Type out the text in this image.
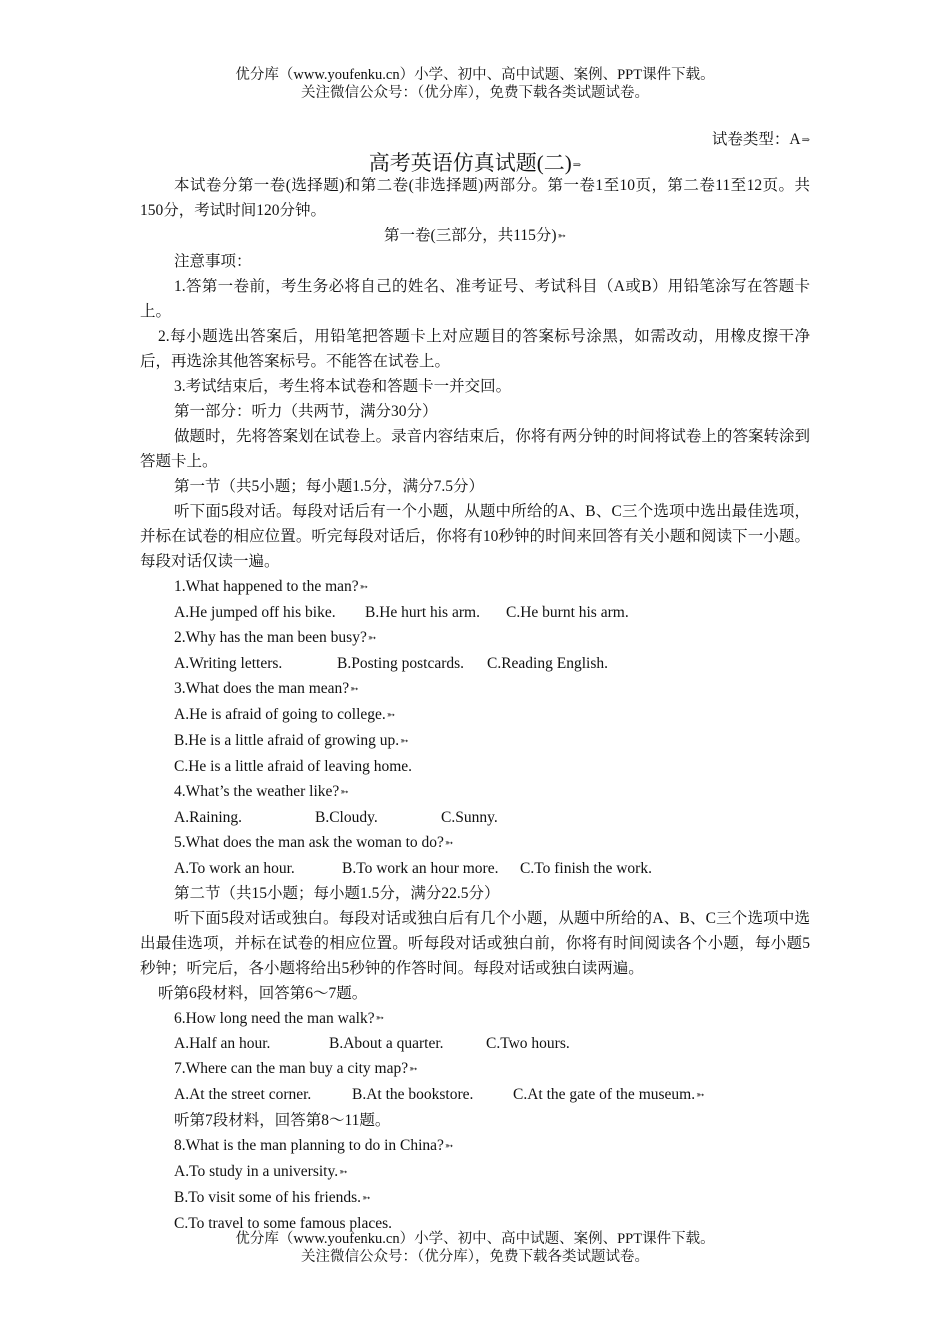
优分库（www.youfenku.cn）小学、初中、高中试题、案例、PPT课件下载。
关注微信公众号：（优分库），免费下载各类试题试卷。
试卷类型：A⇒
高考英语仿真试题(二)⇒
本试卷分第一卷(选择题)和第二卷(非选择题)两部分。第一卷1至10页，第二卷11至12页。共150分，考试时间120分钟。
第一卷(三部分，共115分)➳
注意事项：
1.答第一卷前，考生务必将自己的姓名、准考证号、考试科目（A或B）用铅笔涂写在答题卡上。
2.每小题选出答案后，用铅笔把答题卡上对应题目的答案标号涂黑，如需改动，用橡皮擦干净后，再选涂其他答案标号。不能答在试卷上。
3.考试结束后，考生将本试卷和答题卡一并交回。
第一部分：听力（共两节，满分30分）
做题时，先将答案划在试卷上。录音内容结束后，你将有两分钟的时间将试卷上的答案转涂到答题卡上。
第一节（共5小题；每小题1.5分，满分7.5分）
听下面5段对话。每段对话后有一个小题，从题中所给的A、B、C三个选项中选出最佳选项，并标在试卷的相应位置。听完每段对话后，你将有10秒钟的时间来回答有关小题和阅读下一小题。每段对话仅读一遍。
1.What happened to the man?➳
A.He jumped off his bike. B.He hurt his arm. C.He burnt his arm.
2.Why has the man been busy?➳
A.Writing letters.	B.Posting postcards. C.Reading English.
3.What does the man mean?➳
A.He is afraid of going to college.➳
B.He is a little afraid of growing up.➳
C.He is a little afraid of leaving home.
4.What’s the weather like?➳
A.Raining.	B.Cloudy.	C.Sunny.
5.What does the man ask the woman to do?➳
A.To work an hour.	B.To work an hour more. C.To finish the work.
第二节（共15小题；每小题1.5分，满分22.5分）
听下面5段对话或独白。每段对话或独白后有几个小题，从题中所给的A、B、C三个选项中选出最佳选项，并标在试卷的相应位置。听每段对话或独白前，你将有时间阅读各个小题，每小题5秒钟；听完后，各小题将给出5秒钟的作答时间。每段对话或独白读两遍。
听第6段材料，回答第6～7题。
6.How long need the man walk?➳
A.Half an hour.	B.About a quarter.	C.Two hours.
7.Where can the man buy a city map?➳
A.At the street corner.	B.At the bookstore.	C.At the gate of the museum.➳
听第7段材料，回答第8～11题。
8.What is the man planning to do in China?➳
A.To study in a university.➳
B.To visit some of his friends.➳
C.To travel to some famous places.
优分库（www.youfenku.cn）小学、初中、高中试题、案例、PPT课件下载。
关注微信公众号：（优分库），免费下载各类试题试卷。
